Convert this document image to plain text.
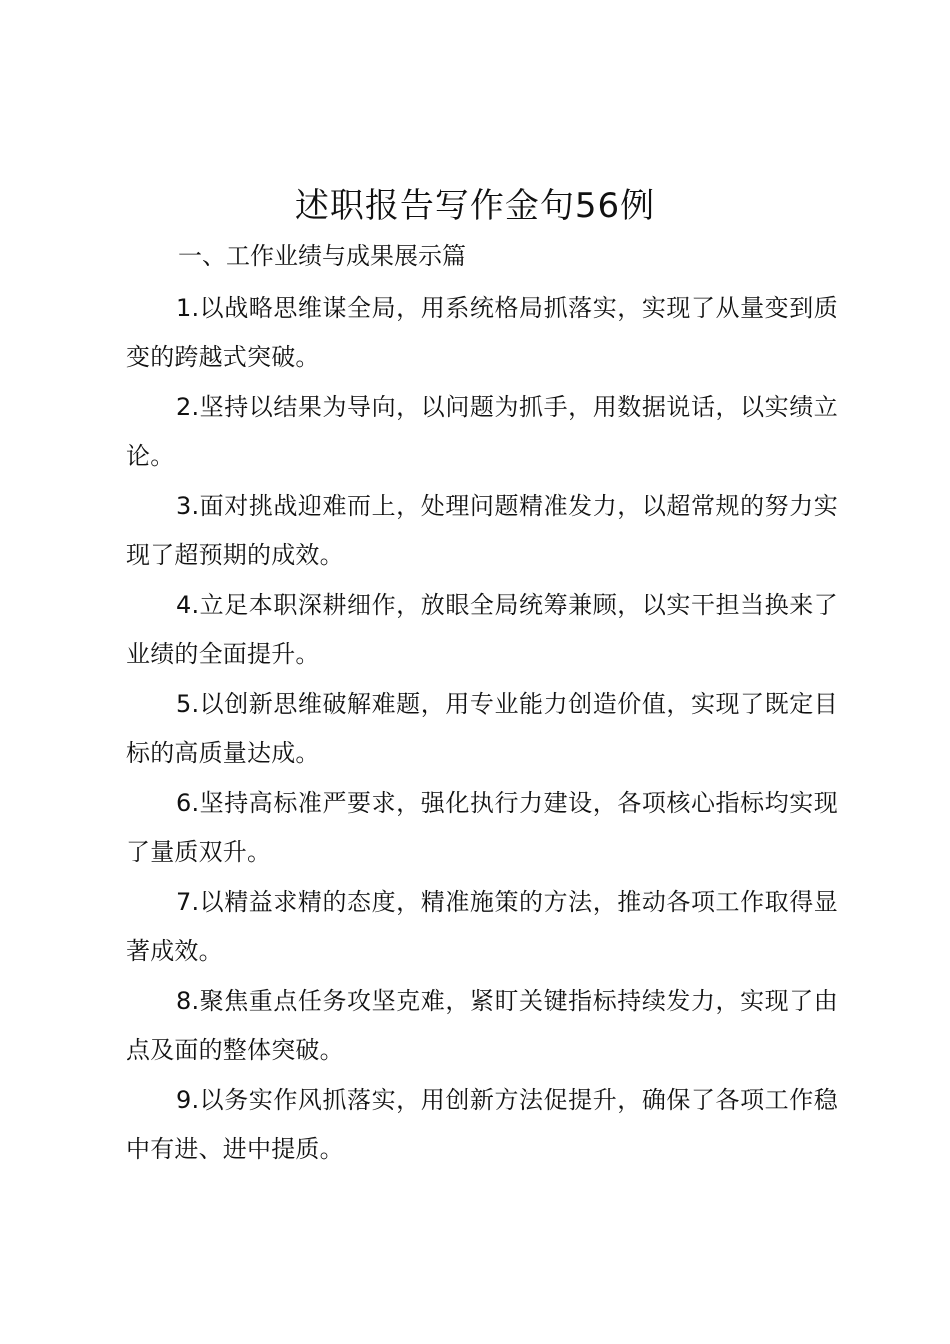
述职报告写作金句56例

一、工作业绩与成果展示篇

1.以战略思维谋全局，用系统格局抓落实，实现了从量变到质变的跨越式突破。

2.坚持以结果为导向，以问题为抓手，用数据说话，以实绩立论。

3.面对挑战迎难而上，处理问题精准发力，以超常规的努力实现了超预期的成效。

4.立足本职深耕细作，放眼全局统筹兼顾，以实干担当换来了业绩的全面提升。

5.以创新思维破解难题，用专业能力创造价值，实现了既定目标的高质量达成。

6.坚持高标准严要求，强化执行力建设，各项核心指标均实现了量质双升。

7.以精益求精的态度，精准施策的方法，推动各项工作取得显著成效。

8.聚焦重点任务攻坚克难，紧盯关键指标持续发力，实现了由点及面的整体突破。

9.以务实作风抓落实，用创新方法促提升，确保了各项工作稳中有进、进中提质。
